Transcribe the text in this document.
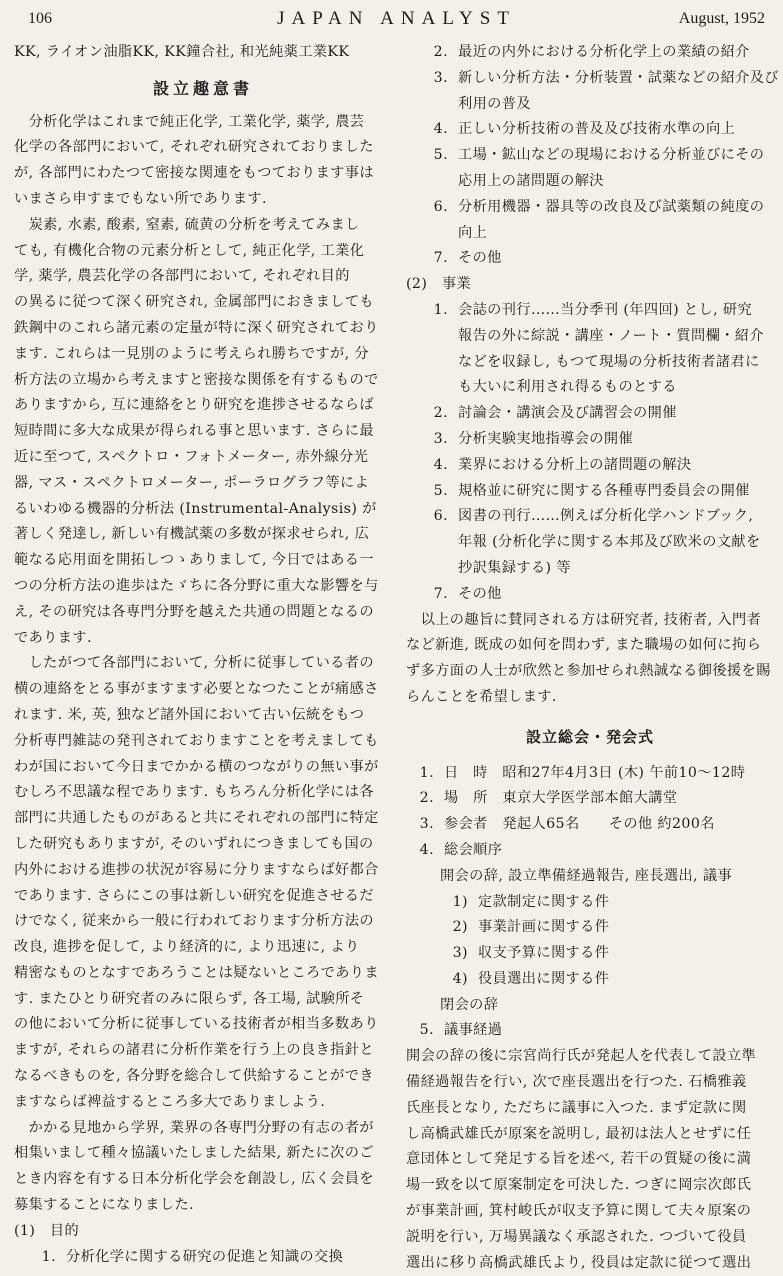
106	JAPAN ANALYST	August, 1952
KK, ライオン油脂KK, KK鐘合社, 和光純薬工業KK
設立趣意書
　分析化学はこれまで純正化学, 工業化学, 薬学, 農芸
化学の各部門において, それぞれ研究されておりました
が, 各部門にわたつて密接な関連をもつております事は
いまさら申すまでもない所であります.
　炭素, 水素, 酸素, 窒素, 硫黄の分析を考えてみまし
ても, 有機化合物の元素分析として, 純正化学, 工業化
学, 薬学, 農芸化学の各部門において, それぞれ目的
の異るに従つて深く研究され, 金属部門におきましても
鉄鋼中のこれら諸元素の定量が特に深く研究されており
ます. これらは一見別のように考えられ勝ちですが, 分
析方法の立場から考えますと密接な関係を有するもので
ありますから, 互に連絡をとり研究を進捗させるならば
短時間に多大な成果が得られる事と思います. さらに最
近に至つて, スペクトロ・フォトメーター, 赤外線分光
器, マス・スペクトロメーター, ポーラログラフ等によ
るいわゆる機器的分析法 (Instrumental-Analysis) が
著しく発達し, 新しい有機試薬の多数が探求せられ, 広
範なる応用面を開拓しつゝありまして, 今日ではある一
つの分析方法の進歩はたゞちに各分野に重大な影響を与
え, その研究は各専門分野を越えた共通の問題となるの
であります.
　したがつて各部門において, 分析に従事している者の
横の連絡をとる事がますます必要となつたことが痛感さ
れます. 米, 英, 独など諸外国において古い伝統をもつ
分析専門雑誌の発刊されておりますことを考えましても
わが国において今日までかかる横のつながりの無い事が
むしろ不思議な程であります. もちろん分析化学には各
部門に共通したものがあると共にそれぞれの部門に特定
した研究もありますが, そのいずれにつきましても国の
内外における進捗の状況が容易に分りますならば好都合
であります. さらにこの事は新しい研究を促進させるだ
けでなく, 従来から一般に行われております分析方法の
改良, 進捗を促して, より経済的に, より迅速に, より
精密なものとなすであろうことは疑ないところでありま
す. またひとり研究者のみに限らず, 各工場, 試験所そ
の他において分析に従事している技術者が相当多数あり
ますが, それらの諸君に分析作業を行う上の良き指針と
なるべきものを, 各分野を総合して供給することができ
ますならば裨益するところ多大でありましよう.
　かかる見地から学界, 業界の各専門分野の有志の者が
相集いまして種々協議いたしました結果, 新たに次のご
とき内容を有する日本分析化学会を創設し, 広く会員を
募集することになりました.
(1)　目的
1. 分析化学に関する研究の促進と知識の交換
2. 最近の内外における分析化学上の業績の紹介
3. 新しい分析方法・分析装置・試薬などの紹介及び
利用の普及
4. 正しい分析技術の普及及び技術水準の向上
5. 工場・鉱山などの現場における分析並びにその
応用上の諸問題の解決
6. 分析用機器・器具等の改良及び試薬類の純度の
向上
7. その他
(2)　事業
1. 会誌の刊行……当分季刊 (年四回) とし, 研究
報告の外に綜説・講座・ノート・質問欄・紹介
などを収録し, もつて現場の分析技術者諸君に
も大いに利用され得るものとする
2. 討論会・講演会及び講習会の開催
3. 分析実験実地指導会の開催
4. 業界における分析上の諸問題の解決
5. 規格並に研究に関する各種専門委員会の開催
6. 図書の刊行……例えば分析化学ハンドブック,
年報 (分析化学に関する本邦及び欧米の文献を
抄訳集録する) 等
7. その他
　以上の趣旨に賛同される方は研究者, 技術者, 入門者
など新進, 既成の如何を問わず, また職場の如何に拘ら
ず多方面の人士が欣然と参加せられ熱誠なる御後援を賜
らんことを希望します.
設立総会・発会式
1. 日　時　昭和27年4月3日 (木) 午前10～12時
2. 場　所　東京大学医学部本館大講堂
3. 参会者　発起人65名　　その他 約200名
4. 総会順序
開会の辞, 設立準備経過報告, 座長選出, 議事
1) 定款制定に関する件
2) 事業計画に関する件
3) 収支予算に関する件
4) 役員選出に関する件
閉会の辞
5. 議事経過
開会の辞の後に宗宮尚行氏が発起人を代表して設立準
備経過報告を行い, 次で座長選出を行つた. 石橋雅義
氏座長となり, ただちに議事に入つた. まず定款に関
し高橋武雄氏が原案を説明し, 最初は法人とせずに任
意団体として発足する旨を述べ, 若干の質疑の後に満
場一致を以て原案制定を可決した. つぎに岡宗次郎氏
が事業計画, 箕村峻氏が収支予算に関して夫々原案の
説明を行い, 万場異議なく承認された. つづいて役員
選出に移り高橋武雄氏より, 役員は定款に従つて選出
